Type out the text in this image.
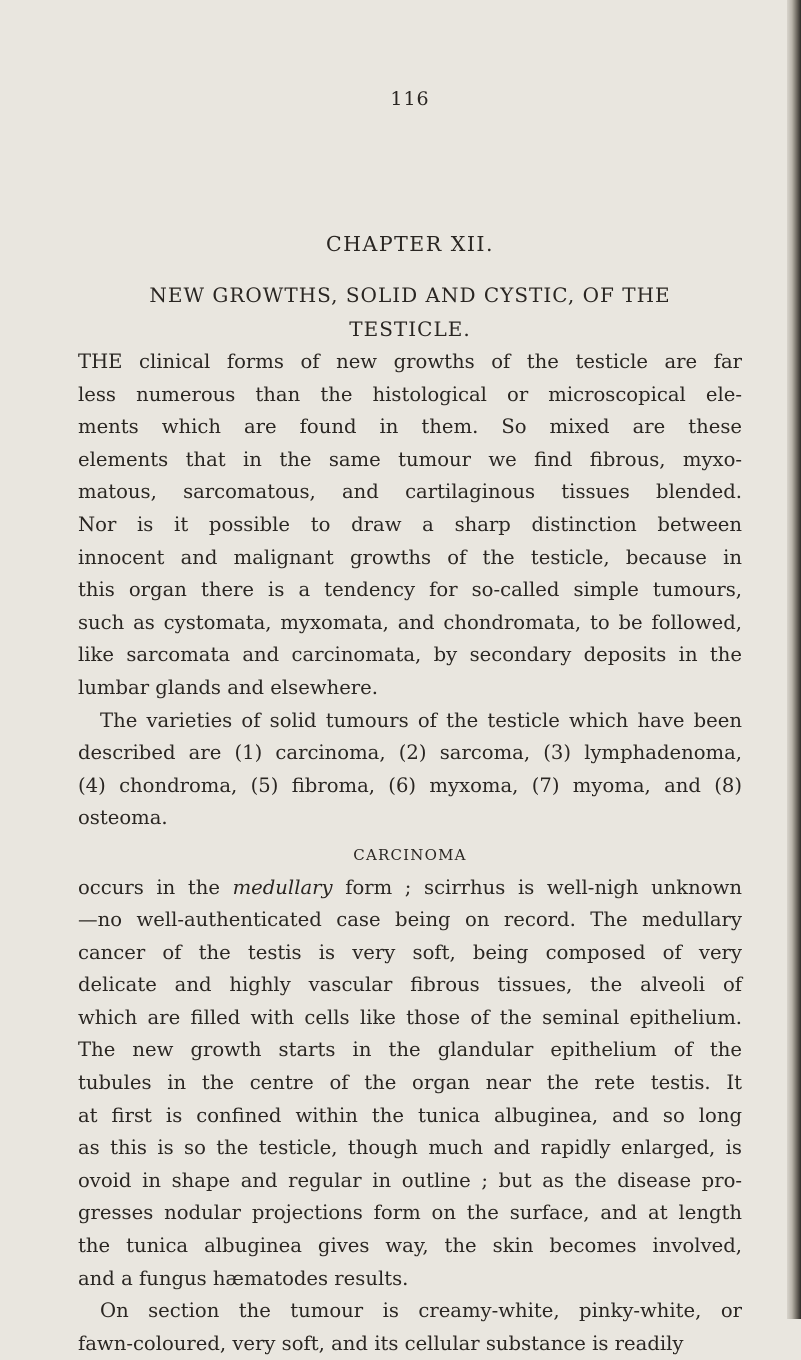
116
CHAPTER XII.
NEW GROWTHS, SOLID AND CYSTIC, OF THE
TESTICLE.
THE clinical forms of new growths of the testicle are far
less numerous than the histological or microscopical ele-
ments which are found in them. So mixed are these
elements that in the same tumour we find fibrous, myxo-
matous, sarcomatous, and cartilaginous tissues blended.
Nor is it possible to draw a sharp distinction between
innocent and malignant growths of the testicle, because in
this organ there is a tendency for so-called simple tumours,
such as cystomata, myxomata, and chondromata, to be followed,
like sarcomata and carcinomata, by secondary deposits in the
lumbar glands and elsewhere.
The varieties of solid tumours of the testicle which have been
described are (1) carcinoma, (2) sarcoma, (3) lymphadenoma,
(4) chondroma, (5) fibroma, (6) myxoma, (7) myoma, and (8)
osteoma.
CARCINOMA
occurs in the medullary form ; scirrhus is well-nigh unknown
—no well-authenticated case being on record. The medullary
cancer of the testis is very soft, being composed of very
delicate and highly vascular fibrous tissues, the alveoli of
which are filled with cells like those of the seminal epithelium.
The new growth starts in the glandular epithelium of the
tubules in the centre of the organ near the rete testis. It
at first is confined within the tunica albuginea, and so long
as this is so the testicle, though much and rapidly enlarged, is
ovoid in shape and regular in outline ; but as the disease pro-
gresses nodular projections form on the surface, and at length
the tunica albuginea gives way, the skin becomes involved,
and a fungus hæmatodes results.
On section the tumour is creamy-white, pinky-white, or
fawn-coloured, very soft, and its cellular substance is readily
